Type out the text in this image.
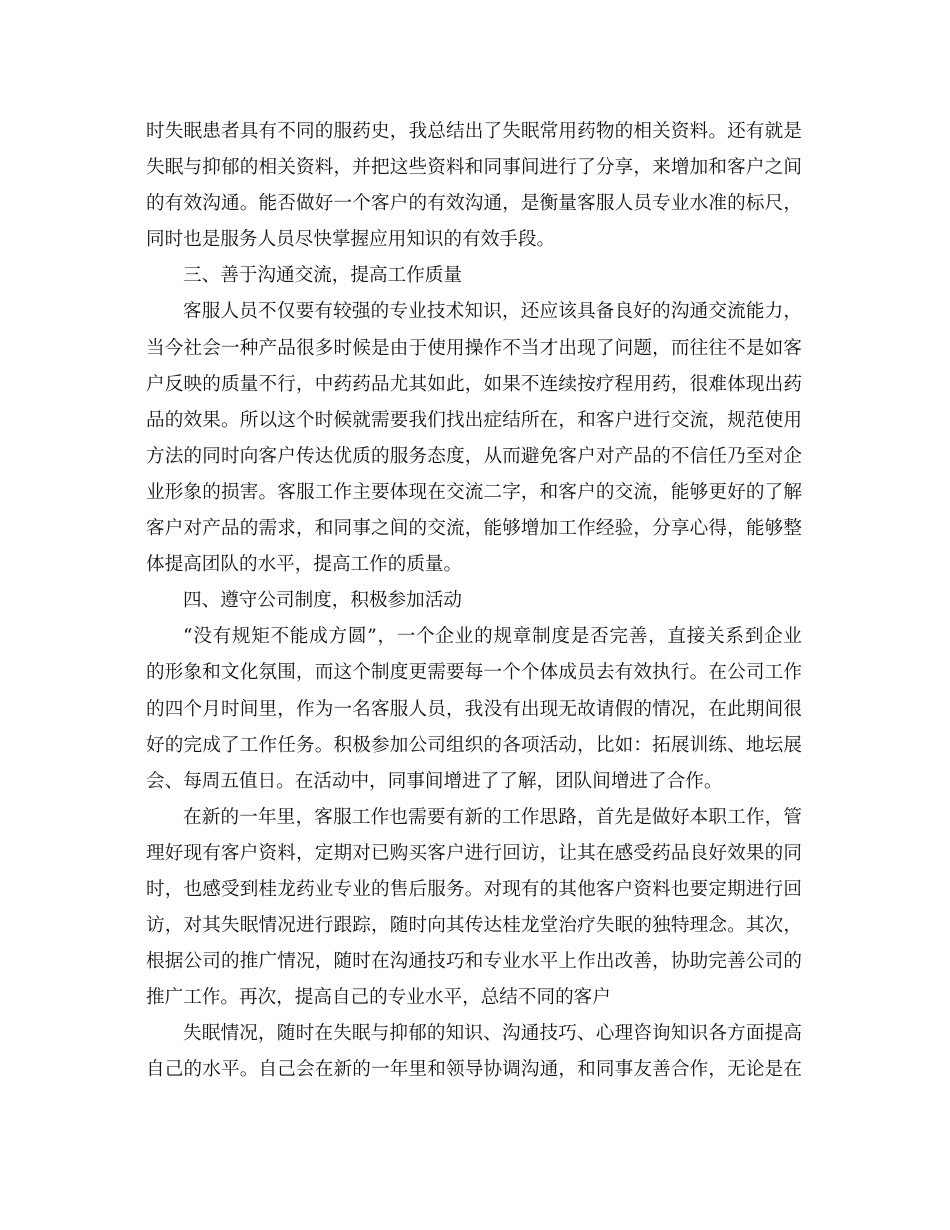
时失眠患者具有不同的服药史，我总结出了失眠常用药物的相关资料。还有就是
失眠与抑郁的相关资料，并把这些资料和同事间进行了分享，来增加和客户之间
的有效沟通。能否做好一个客户的有效沟通，是衡量客服人员专业水准的标尺，
同时也是服务人员尽快掌握应用知识的有效手段。
三、善于沟通交流，提高工作质量
客服人员不仅要有较强的专业技术知识，还应该具备良好的沟通交流能力，
当今社会一种产品很多时候是由于使用操作不当才出现了问题，而往往不是如客
户反映的质量不行，中药药品尤其如此，如果不连续按疗程用药，很难体现出药
品的效果。所以这个时候就需要我们找出症结所在，和客户进行交流，规范使用
方法的同时向客户传达优质的服务态度，从而避免客户对产品的不信任乃至对企
业形象的损害。客服工作主要体现在交流二字，和客户的交流，能够更好的了解
客户对产品的需求，和同事之间的交流，能够增加工作经验，分享心得，能够整
体提高团队的水平，提高工作的质量。
四、遵守公司制度，积极参加活动
“没有规矩不能成方圆”，一个企业的规章制度是否完善，直接关系到企业
的形象和文化氛围，而这个制度更需要每一个个体成员去有效执行。在公司工作
的四个月时间里，作为一名客服人员，我没有出现无故请假的情况，在此期间很
好的完成了工作任务。积极参加公司组织的各项活动，比如：拓展训练、地坛展
会、每周五值日。在活动中，同事间增进了了解，团队间增进了合作。
在新的一年里，客服工作也需要有新的工作思路，首先是做好本职工作，管
理好现有客户资料，定期对已购买客户进行回访，让其在感受药品良好效果的同
时，也感受到桂龙药业专业的售后服务。对现有的其他客户资料也要定期进行回
访，对其失眠情况进行跟踪，随时向其传达桂龙堂治疗失眠的独特理念。其次，
根据公司的推广情况，随时在沟通技巧和专业水平上作出改善，协助完善公司的
推广工作。再次，提高自己的专业水平，总结不同的客户
失眠情况，随时在失眠与抑郁的知识、沟通技巧、心理咨询知识各方面提高
自己的水平。自己会在新的一年里和领导协调沟通，和同事友善合作，无论是在
